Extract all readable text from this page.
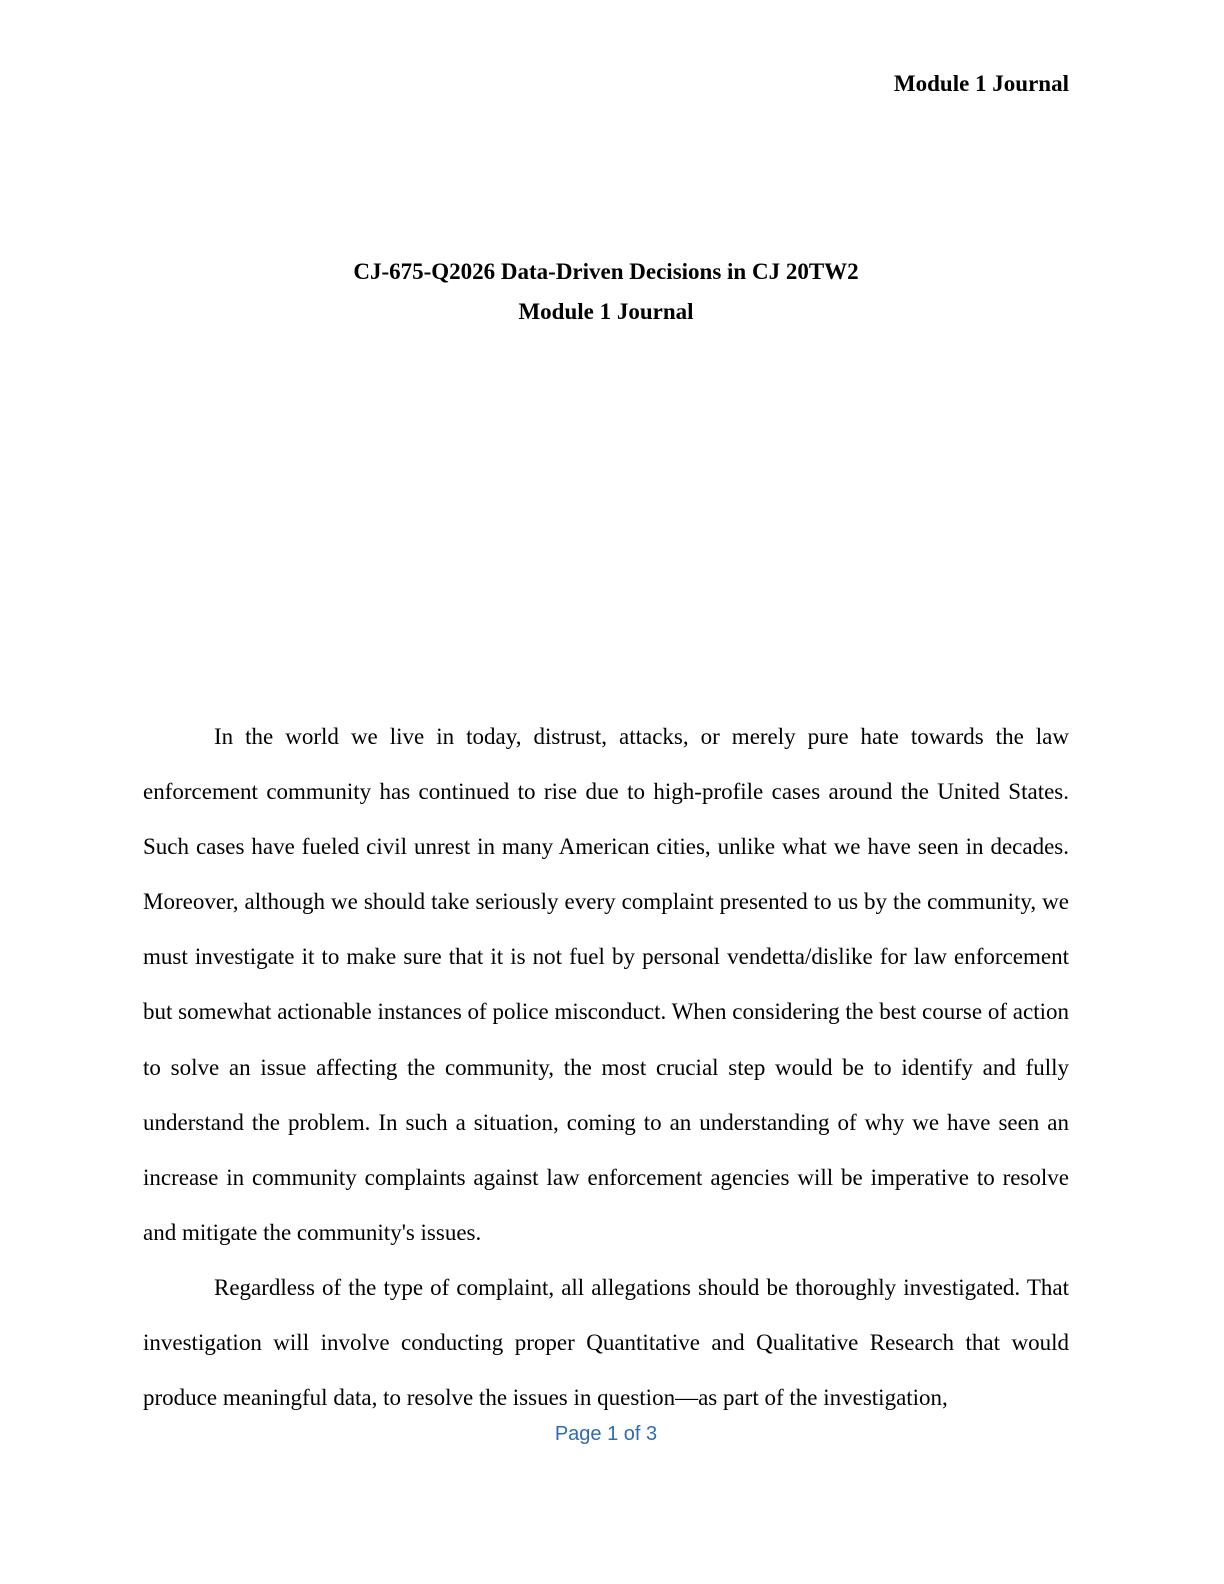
Module 1 Journal
CJ-675-Q2026 Data-Driven Decisions in CJ 20TW2
Module 1 Journal

In the world we live in today, distrust, attacks, or merely pure hate towards the law enforcement community has continued to rise due to high-profile cases around the United States. Such cases have fueled civil unrest in many American cities, unlike what we have seen in decades. Moreover, although we should take seriously every complaint presented to us by the community, we must investigate it to make sure that it is not fuel by personal vendetta/dislike for law enforcement but somewhat actionable instances of police misconduct. When considering the best course of action to solve an issue affecting the community, the most crucial step would be to identify and fully understand the problem. In such a situation, coming to an understanding of why we have seen an increase in community complaints against law enforcement agencies will be imperative to resolve and mitigate the community's issues.

Regardless of the type of complaint, all allegations should be thoroughly investigated. That investigation will involve conducting proper Quantitative and Qualitative Research that would produce meaningful data, to resolve the issues in question—as part of the investigation,

Page 1 of 3
